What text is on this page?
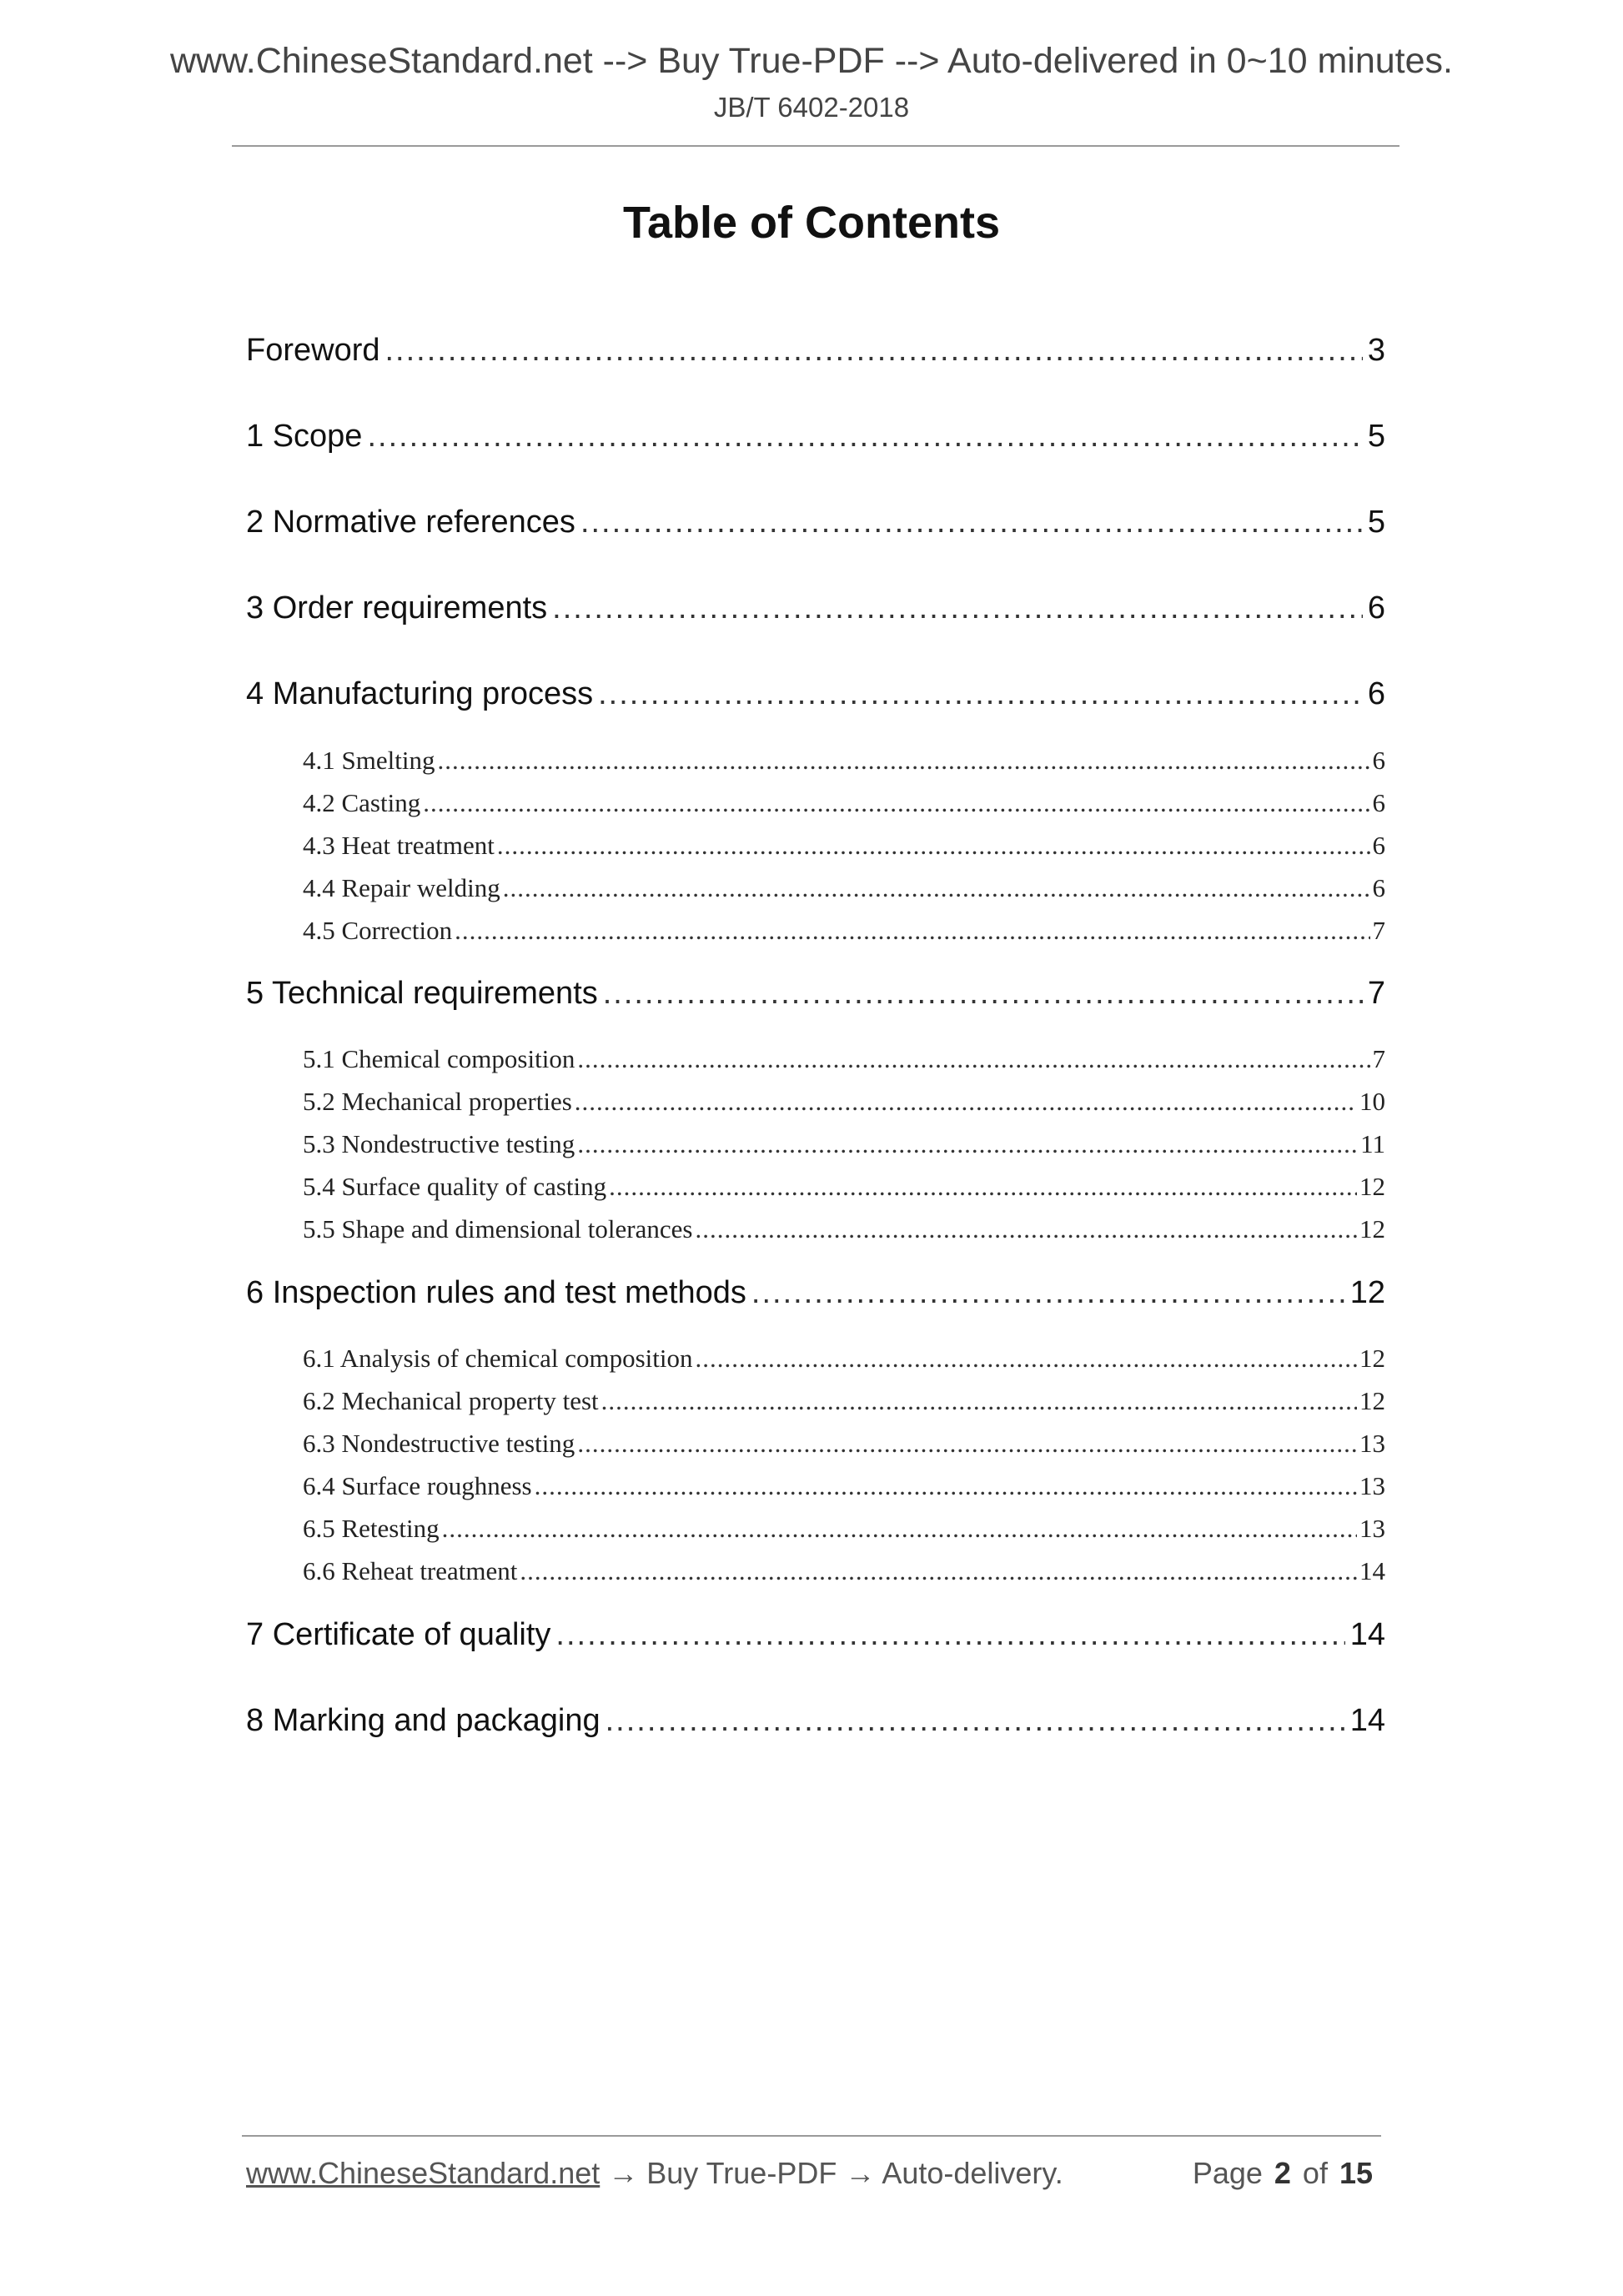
www.ChineseStandard.net --> Buy True-PDF --> Auto-delivered in 0~10 minutes.
JB/T 6402-2018
Table of Contents
Foreword .....	3
1 Scope .....	5
2 Normative references .....	5
3 Order requirements .....	6
4 Manufacturing process .....	6
4.1 Smelting .....	6
4.2 Casting .....	6
4.3 Heat treatment .....	6
4.4 Repair welding .....	6
4.5 Correction .....	7
5 Technical requirements .....	7
5.1 Chemical composition .....	7
5.2 Mechanical properties .....	10
5.3 Nondestructive testing .....	11
5.4 Surface quality of casting .....	12
5.5 Shape and dimensional tolerances .....	12
6 Inspection rules and test methods .....	12
6.1 Analysis of chemical composition .....	12
6.2 Mechanical property test .....	12
6.3 Nondestructive testing .....	13
6.4 Surface roughness .....	13
6.5 Retesting .....	13
6.6 Reheat treatment .....	14
7 Certificate of quality .....	14
8 Marking and packaging .....	14
www.ChineseStandard.net → Buy True-PDF → Auto-delivery.	Page 2 of 15
